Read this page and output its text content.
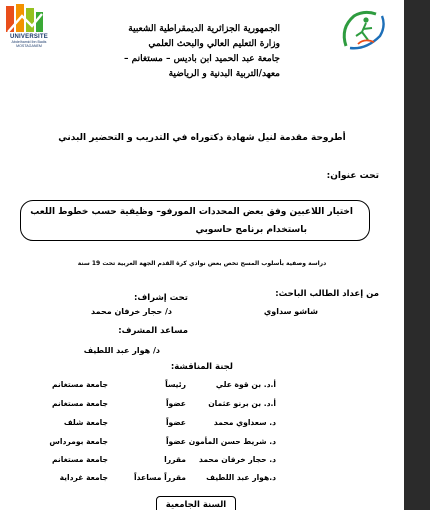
UNIVERSITE
Abdelhamid Ibn Badis MOSTAGANEM
الجمهورية الجزائرية الديمقراطية الشعبية
وزارة التعليم العالي والبحث العلمي
جامعة عبد الحميد ابن باديس – مستغانم –
معهد/التربية البدنية و الرياضية
أطروحة مقدمة لنيل شهادة دكتوراه في التدريب و التحضير البدني
تحت عنوان:
اختيار اللاعبين وفق بعض المحددات المورفو– وظيفية حسب خطوط اللعب
باستخدام برنامج حاسوبي
دراسة وصفية بأسلوب المسح تخص بعض نوادي كرة القدم الجهة الغربية تحت 19 سنة
من إعداد الطالب الباحث:
شاشو سداوي
تحت إشراف:
د/ حجار خرفان محمد
مساعد المشرف:
د/ هوار عبد اللطيف
لجنة المناقشة:
أ.د. بن قوة علي
رئيساً
جامعة مستغانم
أ.د. بن برنو عثمان
عضواً
جامعة مستغانم
د. سعداوي محمد
عضواً
جامعة شلف
د. شريط حسن المأمون
عضواً
جامعة بومرداس
د. حجار خرفان محمد
مقررا
جامعة مستغانم
د.هوار عبد اللطيف
مقرراً مساعداً
جامعة غرداية
السنة الجامعية
